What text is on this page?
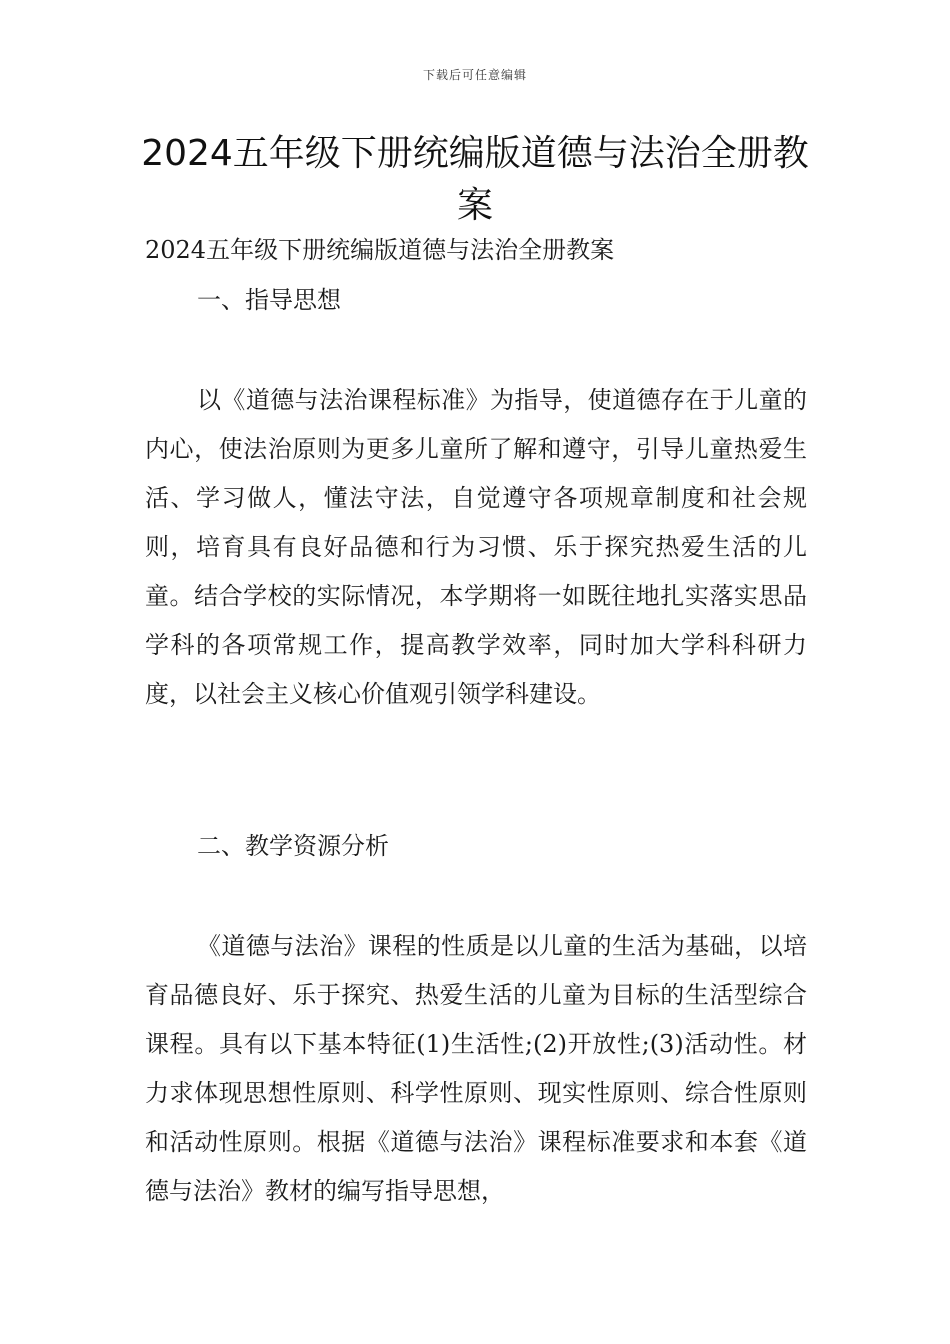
下载后可任意编辑
2024五年级下册统编版道德与法治全册教案

2024五年级下册统编版道德与法治全册教案

一、指导思想

以《道德与法治课程标准》为指导，使道德存在于儿童的内心，使法治原则为更多儿童所了解和遵守，引导儿童热爱生活、学习做人，懂法守法，自觉遵守各项规章制度和社会规则，培育具有良好品德和行为习惯、乐于探究热爱生活的儿童。结合学校的实际情况，本学期将一如既往地扎实落实思品学科的各项常规工作，提高教学效率，同时加大学科科研力度，以社会主义核心价值观引领学科建设。

二、教学资源分析

《道德与法治》课程的性质是以儿童的生活为基础，以培育品德良好、乐于探究、热爱生活的儿童为目标的生活型综合课程。具有以下基本特征(1)生活性;(2)开放性;(3)活动性。材力求体现思想性原则、科学性原则、现实性原则、综合性原则和活动性原则。根据《道德与法治》课程标准要求和本套《道德与法治》教材的编写指导思想，
